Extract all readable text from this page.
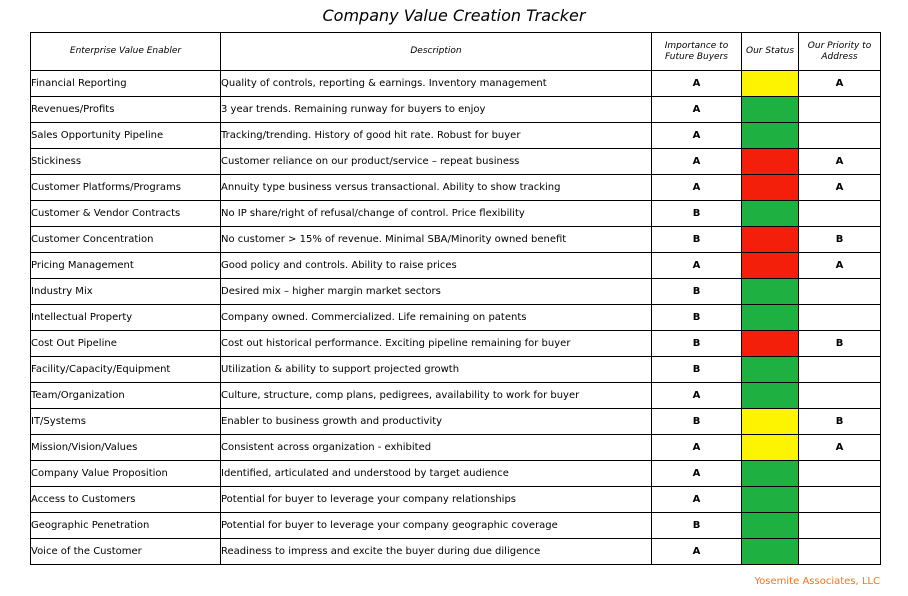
Company Value Creation Tracker
Enterprise Value Enabler	Description	Importance to Future Buyers	Our Status	Our Priority to Address
Financial Reporting	Quality of controls, reporting & earnings. Inventory management	A		A
Revenues/Profits	3 year trends. Remaining runway for buyers to enjoy	A		
Sales Opportunity Pipeline	Tracking/trending. History of good hit rate. Robust for buyer	A		
Stickiness	Customer reliance on our product/service – repeat business	A		A
Customer Platforms/Programs	Annuity type business versus transactional. Ability to show tracking	A		A
Customer & Vendor Contracts	No IP share/right of refusal/change of control. Price flexibility	B		
Customer Concentration	No customer > 15% of revenue. Minimal SBA/Minority owned benefit	B		B
Pricing Management	Good policy and controls. Ability to raise prices	A		A
Industry Mix	Desired mix – higher margin market sectors	B		
Intellectual Property	Company owned. Commercialized. Life remaining on patents	B		
Cost Out Pipeline	Cost out historical performance. Exciting pipeline remaining for buyer	B		B
Facility/Capacity/Equipment	Utilization & ability to support projected growth	B		
Team/Organization	Culture, structure, comp plans, pedigrees, availability to work for buyer	A		
IT/Systems	Enabler to business growth and productivity	B		B
Mission/Vision/Values	Consistent across organization - exhibited	A		A
Company Value Proposition	Identified, articulated and understood by target audience	A		
Access to Customers	Potential for buyer to leverage your company relationships	A		
Geographic Penetration	Potential for buyer to leverage your company geographic coverage	B		
Voice of the Customer	Readiness to impress and excite the buyer during due diligence	A		
Yosemite Associates, LLC
